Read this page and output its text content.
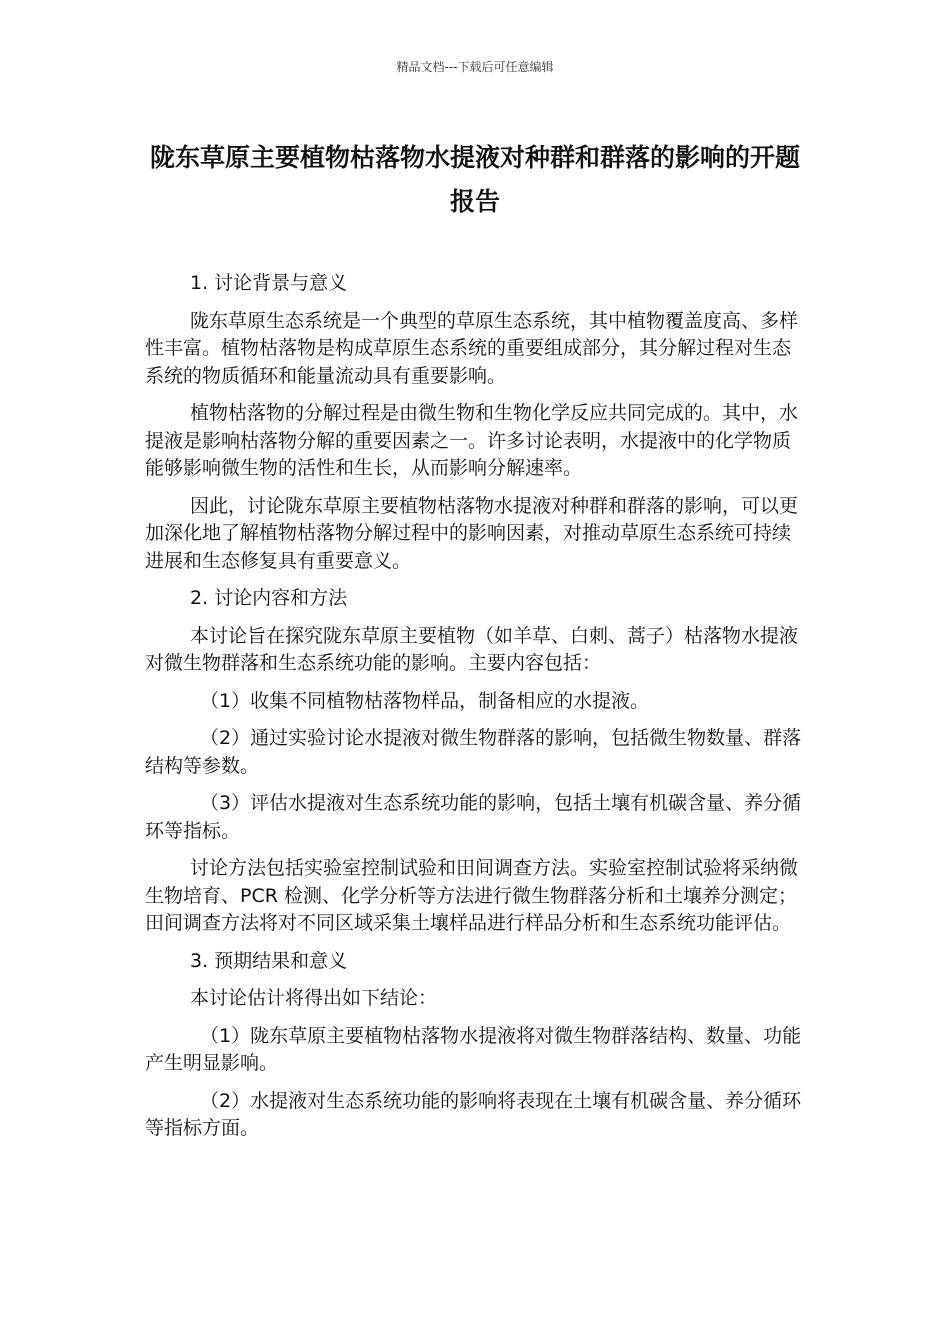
精品文档---下载后可任意编辑
陇东草原主要植物枯落物水提液对种群和群落的影响的开题报告

1. 讨论背景与意义

陇东草原生态系统是一个典型的草原生态系统，其中植物覆盖度高、多样性丰富。植物枯落物是构成草原生态系统的重要组成部分，其分解过程对生态系统的物质循环和能量流动具有重要影响。

植物枯落物的分解过程是由微生物和生物化学反应共同完成的。其中，水提液是影响枯落物分解的重要因素之一。许多讨论表明，水提液中的化学物质能够影响微生物的活性和生长，从而影响分解速率。

因此，讨论陇东草原主要植物枯落物水提液对种群和群落的影响，可以更加深化地了解植物枯落物分解过程中的影响因素，对推动草原生态系统可持续进展和生态修复具有重要意义。

2. 讨论内容和方法

本讨论旨在探究陇东草原主要植物（如羊草、白刺、蒿子）枯落物水提液对微生物群落和生态系统功能的影响。主要内容包括：

（1）收集不同植物枯落物样品，制备相应的水提液。

（2）通过实验讨论水提液对微生物群落的影响，包括微生物数量、群落结构等参数。

（3）评估水提液对生态系统功能的影响，包括土壤有机碳含量、养分循环等指标。

讨论方法包括实验室控制试验和田间调查方法。实验室控制试验将采纳微生物培育、PCR 检测、化学分析等方法进行微生物群落分析和土壤养分测定；田间调查方法将对不同区域采集土壤样品进行样品分析和生态系统功能评估。

3. 预期结果和意义

本讨论估计将得出如下结论：

（1）陇东草原主要植物枯落物水提液将对微生物群落结构、数量、功能产生明显影响。

（2）水提液对生态系统功能的影响将表现在土壤有机碳含量、养分循环等指标方面。
